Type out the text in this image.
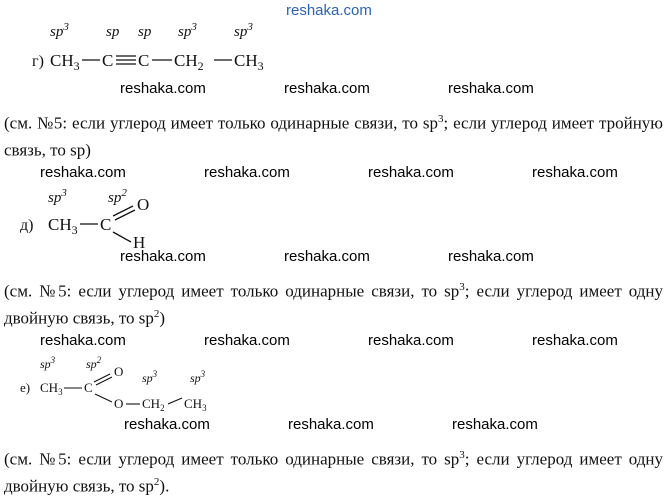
reshaka.com
г)
$sp^3$ sp sp $sp^3$ $sp^3$
$CH_3$ C C $CH_2$ $CH_3$
reshaka.com	reshaka.com	reshaka.com
(см. №5: если углерод имеет только одинарные связи, то $sp^3$; если углерод имеет тройную связь, то sp)
reshaka.com	reshaka.com	reshaka.com	reshaka.com
д)
$sp^3$	$sp^2$
$CH_3$ C
O
H
reshaka.com	reshaka.com	reshaka.com
(см. №5: если углерод имеет только одинарные связи, то $sp^3$; если углерод имеет одну двойную связь, то $sp^2$)
reshaka.com	reshaka.com	reshaka.com	reshaka.com
е)
$sp^3$	$sp^2$
$sp^3$	$sp^3$
$CH_3$ C
O
O $CH_2$ $CH_3$
reshaka.com	reshaka.com	reshaka.com
(см. №5: если углерод имеет только одинарные связи, то $sp^3$; если углерод имеет одну двойную связь, то $sp^2$).
